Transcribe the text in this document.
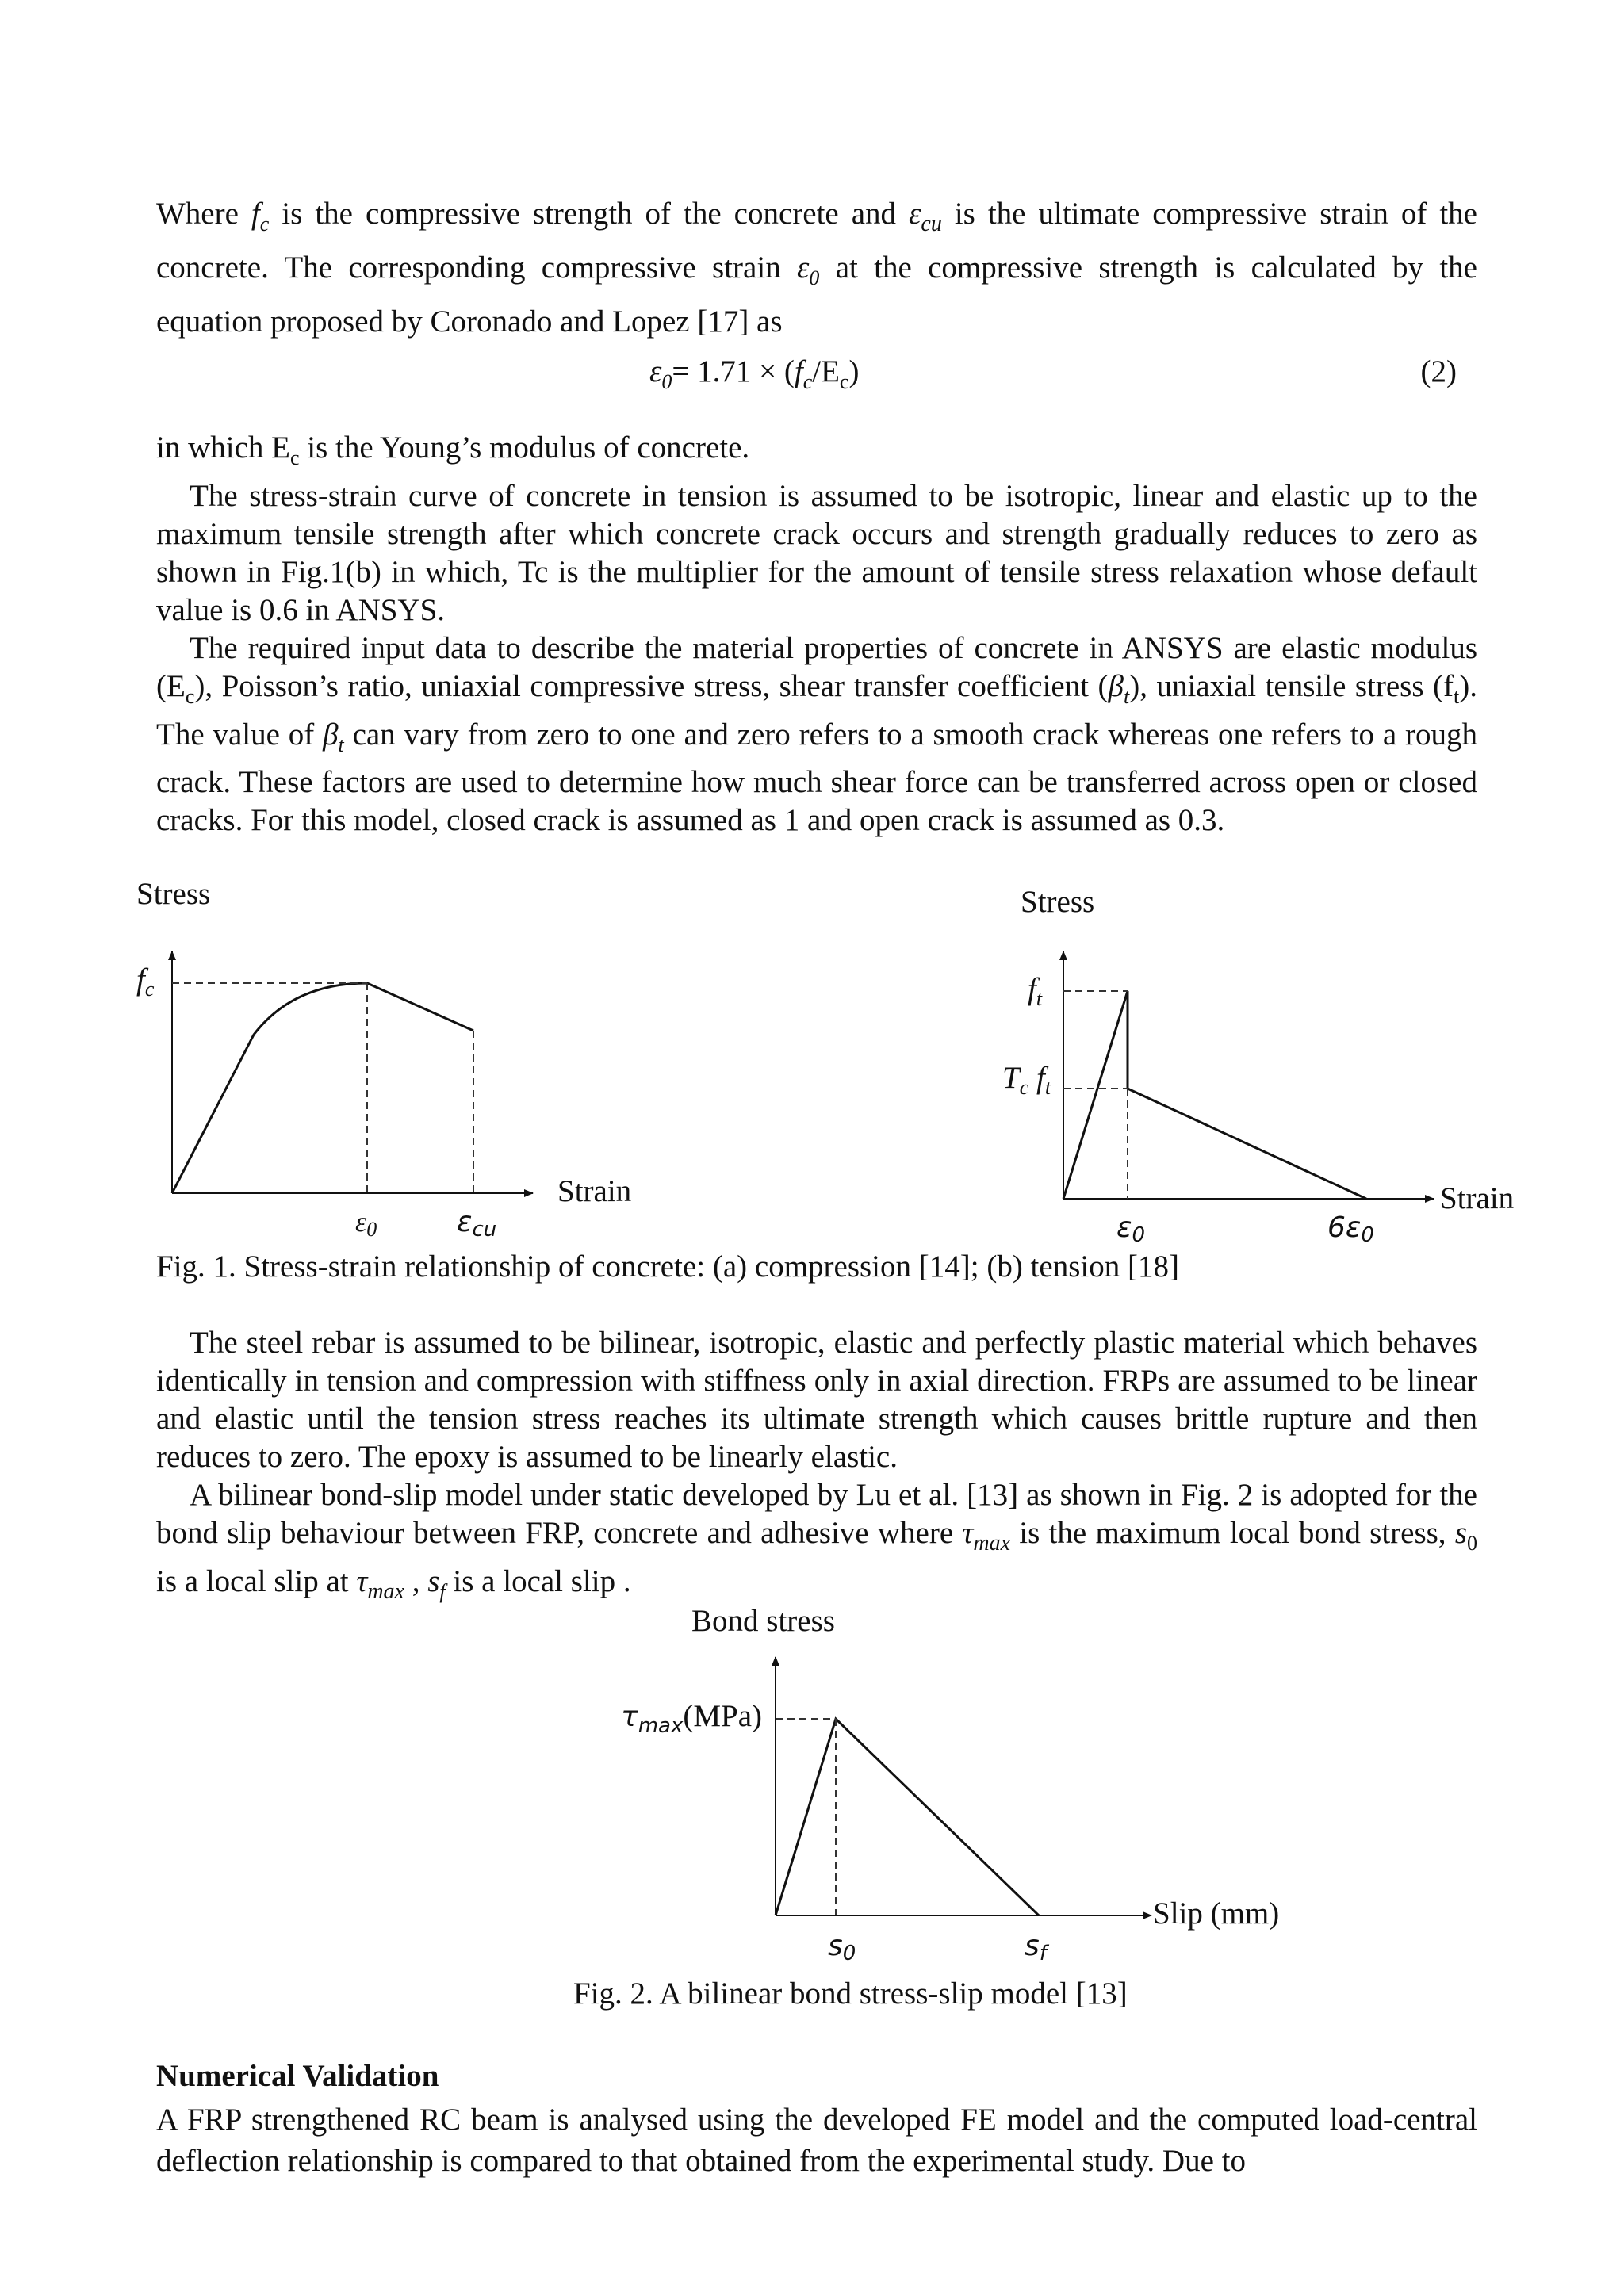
Where $f_c$ is the compressive strength of the concrete and $\varepsilon_{cu}$ is the ultimate compressive strain of the concrete. The corresponding compressive strain $\varepsilon_0$ at the compressive strength is calculated by the equation proposed by Coronado and Lopez [17] as

$\varepsilon_0= 1.71 \times (f_c/E_c)$	(2)

in which $E_c$ is the Young’s modulus of concrete.

The stress-strain curve of concrete in tension is assumed to be isotropic, linear and elastic up to the maximum tensile strength after which concrete crack occurs and strength gradually reduces to zero as shown in Fig.1(b) in which, Tc is the multiplier for the amount of tensile stress relaxation whose default value is 0.6 in ANSYS.

The required input data to describe the material properties of concrete in ANSYS are elastic modulus $(E_c)$, Poisson’s ratio, uniaxial compressive stress, shear transfer coefficient $(\beta_t)$, uniaxial tensile stress $(f_t)$. The value of $\beta_t$ can vary from zero to one and zero refers to a smooth crack whereas one refers to a rough crack. These factors are used to determine how much shear force can be transferred across open or closed cracks. For this model, closed crack is assumed as 1 and open crack is assumed as 0.3.

Stress
Strain
$f_c$
ε0	εcu
Stress
Strain
$f_t$
$T_c$ $f_t$
ε0	6ε0
Fig. 1. Stress-strain relationship of concrete: (a) compression [14]; (b) tension [18]

The steel rebar is assumed to be bilinear, isotropic, elastic and perfectly plastic material which behaves identically in tension and compression with stiffness only in axial direction. FRPs are assumed to be linear and elastic until the tension stress reaches its ultimate strength which causes brittle rupture and then reduces to zero. The epoxy is assumed to be linearly elastic.

A bilinear bond-slip model under static developed by Lu et al. [13] as shown in Fig. 2 is adopted for the bond slip behaviour between FRP, concrete and adhesive where $\tau_{max}$ is the maximum local bond stress, $s_0$ is a local slip at $\tau_{max}$ , $s_f$ is a local slip .

Bond stress
Slip (mm)
$\tau_{max}(MPa)$
s0	sf
Fig. 2. A bilinear bond stress-slip model [13]
Numerical Validation

A FRP strengthened RC beam is analysed using the developed FE model and the computed load-central deflection relationship is compared to that obtained from the experimental study. Due to
